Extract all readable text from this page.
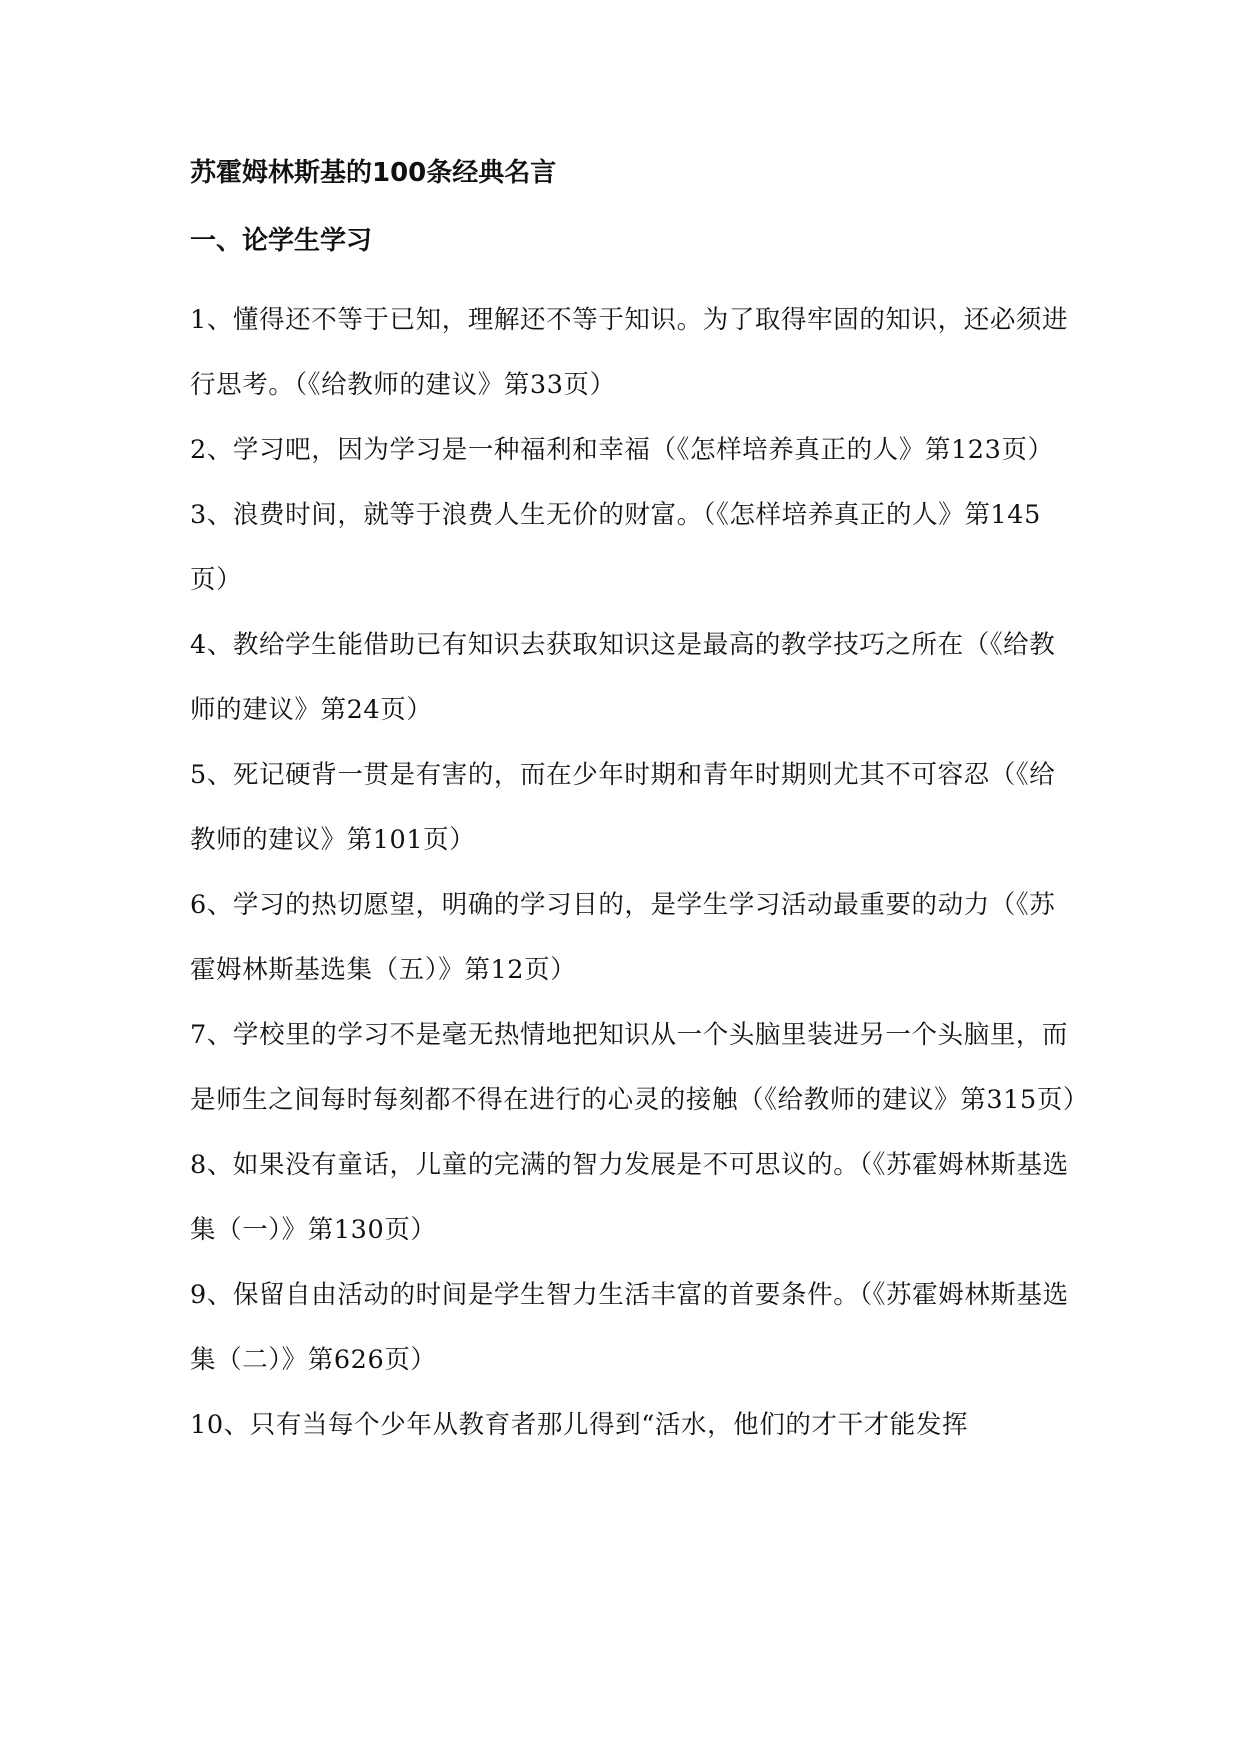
苏霍姆林斯基的100条经典名言
一、论学生学习

1、懂得还不等于已知，理解还不等于知识。为了取得牢固的知识，还必须进行思考。（《给教师的建议》第33页）

2、学习吧，因为学习是一种福利和幸福（《怎样培养真正的人》第123页）

3、浪费时间，就等于浪费人生无价的财富。（《怎样培养真正的人》第145页）

4、教给学生能借助已有知识去获取知识这是最高的教学技巧之所在（《给教师的建议》第24页）

5、死记硬背一贯是有害的，而在少年时期和青年时期则尤其不可容忍（《给教师的建议》第101页）

6、学习的热切愿望，明确的学习目的，是学生学习活动最重要的动力（《苏霍姆林斯基选集（五）》第12页）

7、学校里的学习不是毫无热情地把知识从一个头脑里装进另一个头脑里，而是师生之间每时每刻都不得在进行的心灵的接触（《给教师的建议》第315页）

8、如果没有童话，儿童的完满的智力发展是不可思议的。（《苏霍姆林斯基选集（一）》第130页）

9、保留自由活动的时间是学生智力生活丰富的首要条件。（《苏霍姆林斯基选集（二）》第626页）

10、只有当每个少年从教育者那儿得到“活水，他们的才干才能发挥
